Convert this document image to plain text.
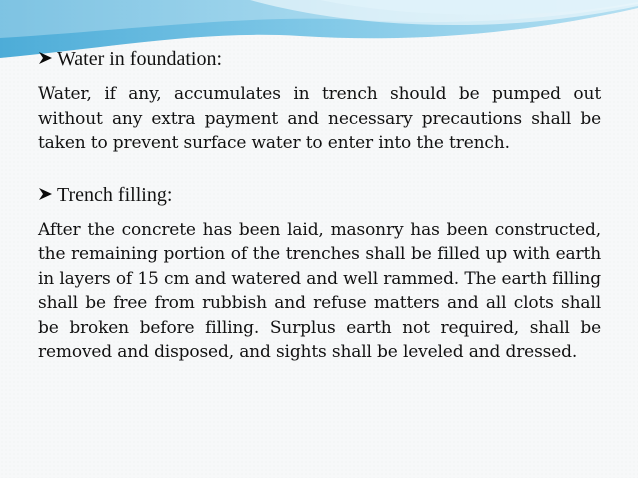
Water in foundation:

Water, if any, accumulates in trench should be pumped out without any extra payment and necessary precautions shall be taken to prevent surface water to enter into the trench.

Trench filling:

After the concrete has been laid, masonry has been constructed, the remaining portion of the trenches shall be filled up with earth in layers of 15 cm and watered and well rammed. The earth filling shall be free from rubbish and refuse matters and all clots shall be broken before filling. Surplus earth not required, shall be removed and disposed, and sights shall be leveled and dressed.
